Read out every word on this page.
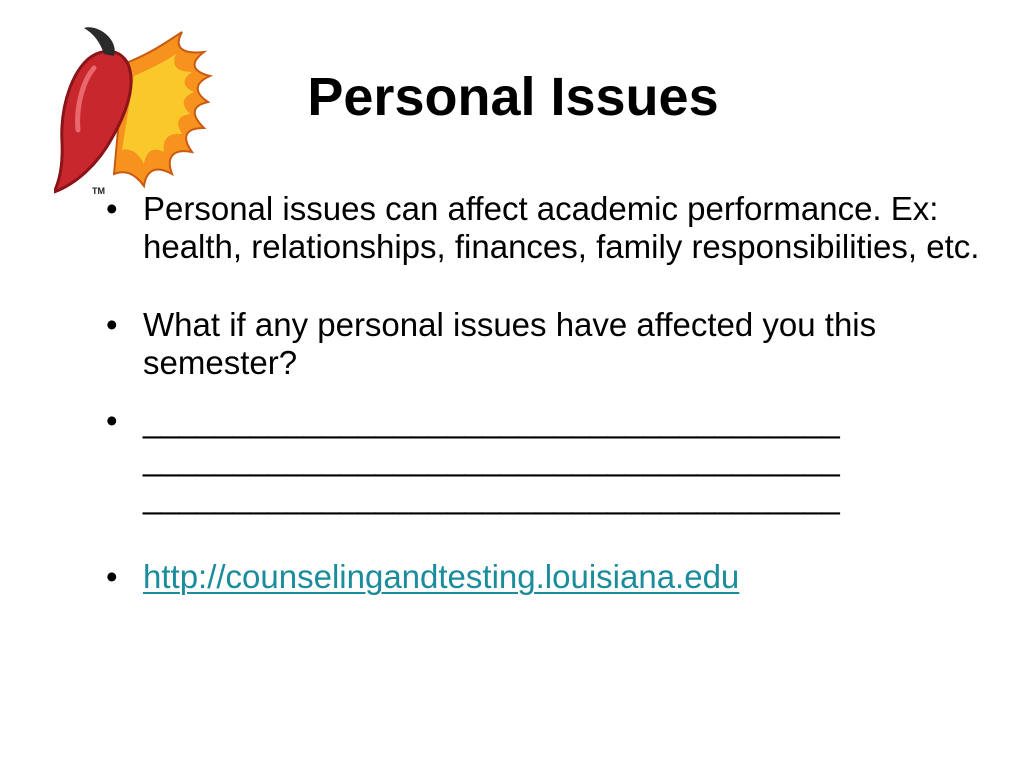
TM
Personal Issues
• Personal issues can affect academic performance. Ex: health, relationships, finances, family responsibilities, etc.
• What if any personal issues have affected you this semester?
• _______________________________________
_______________________________________
_______________________________________
• http://counselingandtesting.louisiana.edu
